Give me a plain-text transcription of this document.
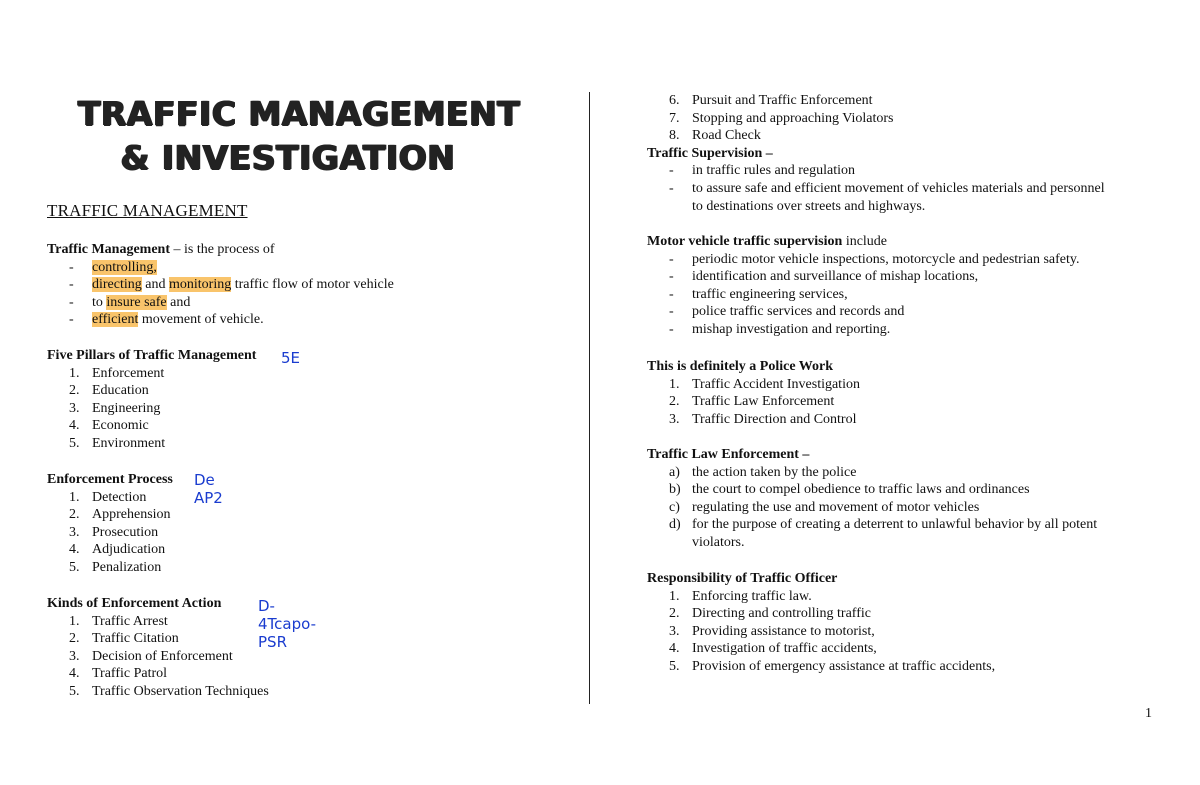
TRAFFIC MANAGEMENT
& INVESTIGATION
TRAFFIC MANAGEMENT
Traffic Management – is the process of
-	controlling,
-	directing and monitoring traffic flow of motor vehicle
-	to insure safe and
-	efficient movement of vehicle.
Five Pillars of Traffic Management
1. Enforcement
2. Education
3. Engineering
4. Economic
5. Environment
5E
Enforcement Process
1. Detection
2. Apprehension
3. Prosecution
4. Adjudication
5. Penalization
De AP2
Kinds of Enforcement Action
1. Traffic Arrest
2. Traffic Citation
3. Decision of Enforcement
4. Traffic Patrol
5. Traffic Observation Techniques
D-4Tcapo-PSR
6. Pursuit and Traffic Enforcement
7. Stopping and approaching Violators
8. Road Check
Traffic Supervision –
-	in traffic rules and regulation
-	to assure safe and efficient movement of vehicles materials and personnel
to destinations over streets and highways.
Motor vehicle traffic supervision include
-	periodic motor vehicle inspections, motorcycle and pedestrian safety.
-	identification and surveillance of mishap locations,
-	traffic engineering services,
-	police traffic services and records and
-	mishap investigation and reporting.
This is definitely a Police Work
1. Traffic Accident Investigation
2. Traffic Law Enforcement
3. Traffic Direction and Control
Traffic Law Enforcement –
a) the action taken by the police
b) the court to compel obedience to traffic laws and ordinances
c) regulating the use and movement of motor vehicles
d) for the purpose of creating a deterrent to unlawful behavior by all potent
violators.
Responsibility of Traffic Officer
1. Enforcing traffic law.
2. Directing and controlling traffic
3. Providing assistance to motorist,
4. Investigation of traffic accidents,
5. Provision of emergency assistance at traffic accidents,
1
